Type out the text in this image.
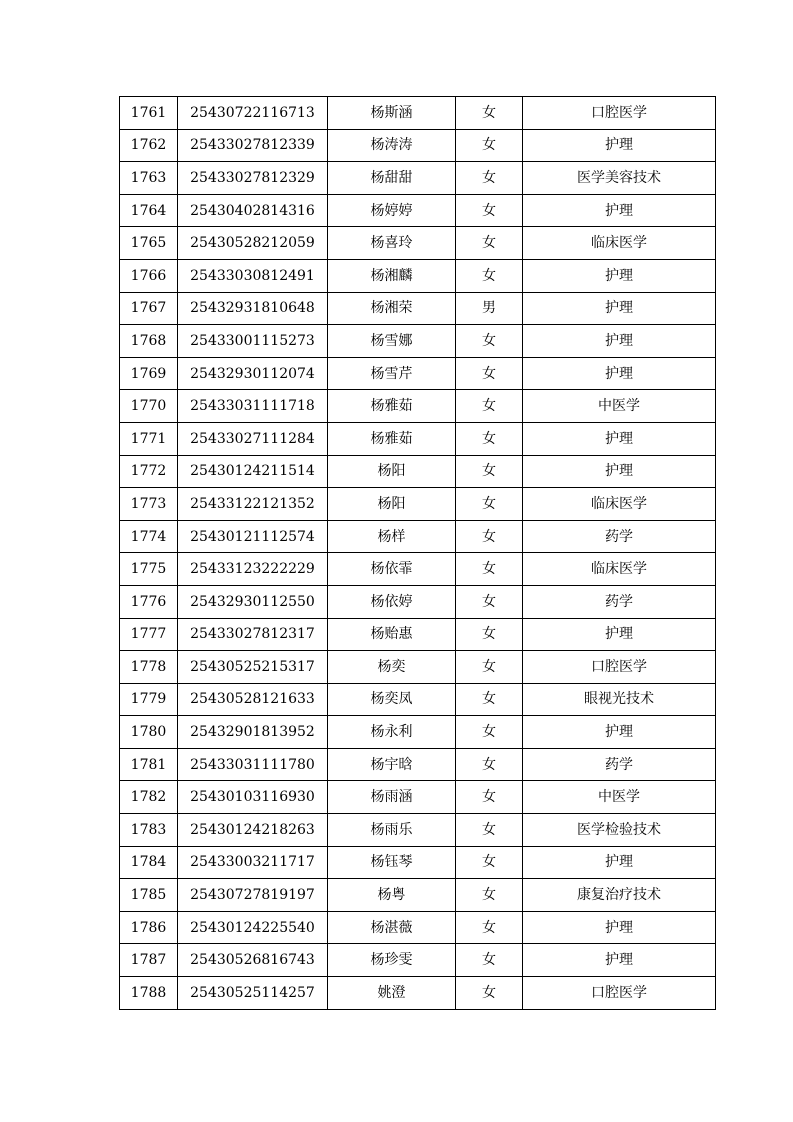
1761	25430722116713	杨斯涵	女	口腔医学
1762	25433027812339	杨涛涛	女	护理
1763	25433027812329	杨甜甜	女	医学美容技术
1764	25430402814316	杨婷婷	女	护理
1765	25430528212059	杨喜玲	女	临床医学
1766	25433030812491	杨湘麟	女	护理
1767	25432931810648	杨湘荣	男	护理
1768	25433001115273	杨雪娜	女	护理
1769	25432930112074	杨雪芹	女	护理
1770	25433031111718	杨雅茹	女	中医学
1771	25433027111284	杨雅茹	女	护理
1772	25430124211514	杨阳	女	护理
1773	25433122121352	杨阳	女	临床医学
1774	25430121112574	杨样	女	药学
1775	25433123222229	杨依霏	女	临床医学
1776	25432930112550	杨依婷	女	药学
1777	25433027812317	杨贻惠	女	护理
1778	25430525215317	杨奕	女	口腔医学
1779	25430528121633	杨奕凤	女	眼视光技术
1780	25432901813952	杨永利	女	护理
1781	25433031111780	杨宇晗	女	药学
1782	25430103116930	杨雨涵	女	中医学
1783	25430124218263	杨雨乐	女	医学检验技术
1784	25433003211717	杨钰琴	女	护理
1785	25430727819197	杨粤	女	康复治疗技术
1786	25430124225540	杨湛薇	女	护理
1787	25430526816743	杨珍雯	女	护理
1788	25430525114257	姚澄	女	口腔医学
